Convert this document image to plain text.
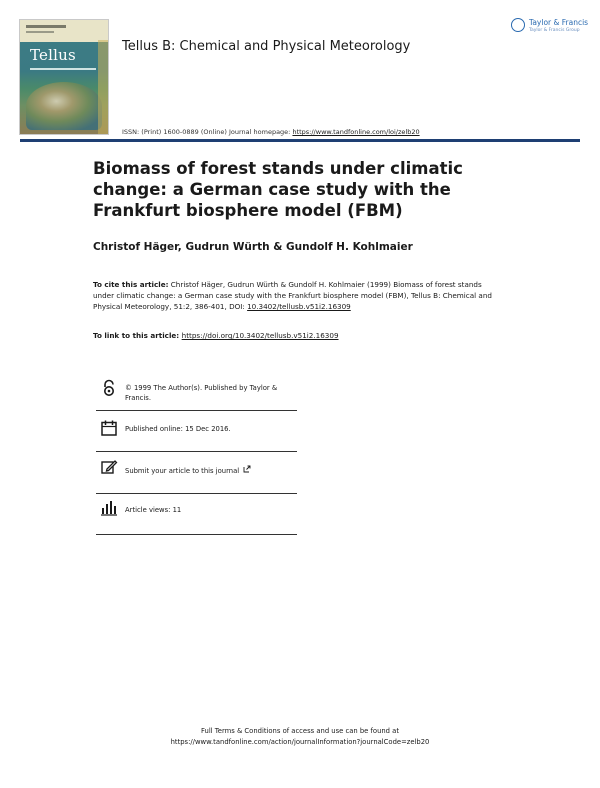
Tellus
Taylor & Francis
Taylor & Francis Group
Tellus B: Chemical and Physical Meteorology
ISSN: (Print) 1600-0889 (Online) Journal homepage: https://www.tandfonline.com/loi/zelb20
Biomass of forest stands under climatic change: a German case study with the Frankfurt biosphere model (FBM)
Christof Häger, Gudrun Würth & Gundolf H. Kohlmaier
To cite this article: Christof Häger, Gudrun Würth & Gundolf H. Kohlmaier (1999) Biomass of forest stands under climatic change: a German case study with the Frankfurt biosphere model (FBM), Tellus B: Chemical and Physical Meteorology, 51:2, 386-401, DOI: 10.3402/tellusb.v51i2.16309
To link to this article: https://doi.org/10.3402/tellusb.v51i2.16309
© 1999 The Author(s). Published by Taylor & Francis.
Published online: 15 Dec 2016.
Submit your article to this journal
Article views: 11
Full Terms & Conditions of access and use can be found at
https://www.tandfonline.com/action/journalInformation?journalCode=zelb20
